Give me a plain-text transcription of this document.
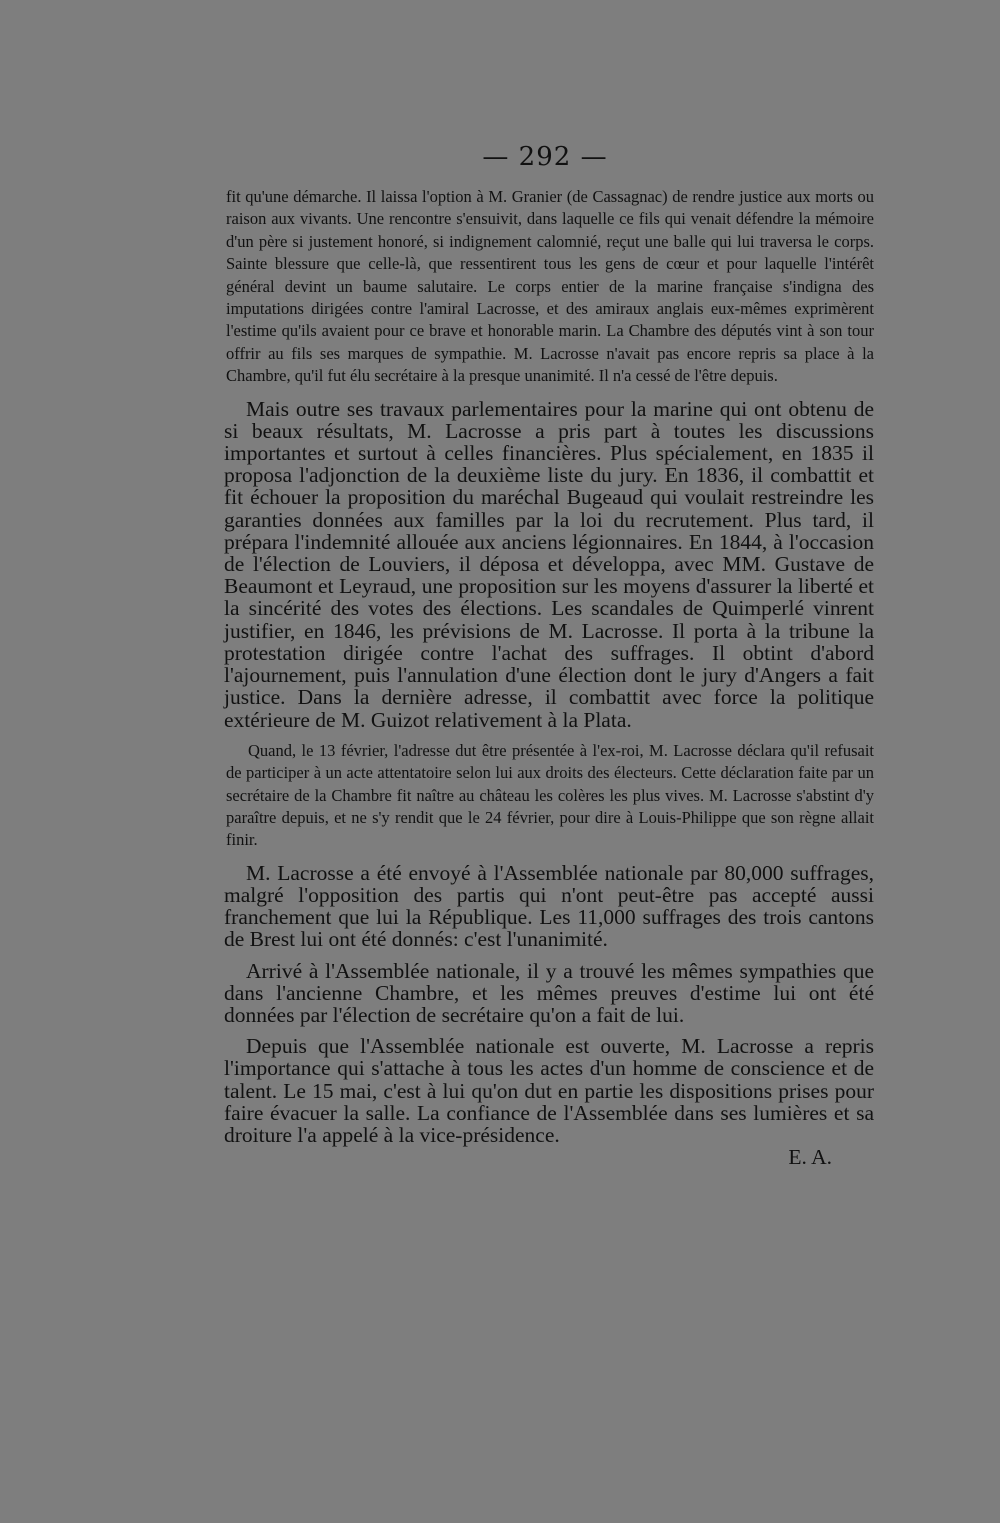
— 292 —

fit qu'une démarche. Il laissa l'option à M. Granier (de Cassagnac) de rendre justice aux morts ou raison aux vivants. Une rencontre s'ensuivit, dans laquelle ce fils qui venait défendre la mémoire d'un père si justement honoré, si indignement calomnié, reçut une balle qui lui traversa le corps. Sainte blessure que celle-là, que ressentirent tous les gens de cœur et pour laquelle l'intérêt général devint un baume salutaire. Le corps entier de la marine française s'indigna des imputations dirigées contre l'amiral Lacrosse, et des amiraux anglais eux-mêmes exprimèrent l'estime qu'ils avaient pour ce brave et honorable marin. La Chambre des députés vint à son tour offrir au fils ses marques de sympathie. M. Lacrosse n'avait pas encore repris sa place à la Chambre, qu'il fut élu secrétaire à la presque unanimité. Il n'a cessé de l'être depuis.

Mais outre ses travaux parlementaires pour la marine qui ont obtenu de si beaux résultats, M. Lacrosse a pris part à toutes les discussions importantes et surtout à celles financières. Plus spécialement, en 1835 il proposa l'adjonction de la deuxième liste du jury. En 1836, il combattit et fit échouer la proposition du maréchal Bugeaud qui voulait restreindre les garanties données aux familles par la loi du recrutement. Plus tard, il prépara l'indemnité allouée aux anciens légionnaires. En 1844, à l'occasion de l'élection de Louviers, il déposa et développa, avec MM. Gustave de Beaumont et Leyraud, une proposition sur les moyens d'assurer la liberté et la sincérité des votes des élections. Les scandales de Quimperlé vinrent justifier, en 1846, les prévisions de M. Lacrosse. Il porta à la tribune la protestation dirigée contre l'achat des suffrages. Il obtint d'abord l'ajournement, puis l'annulation d'une élection dont le jury d'Angers a fait justice. Dans la dernière adresse, il combattit avec force la politique extérieure de M. Guizot relativement à la Plata.

Quand, le 13 février, l'adresse dut être présentée à l'ex-roi, M. Lacrosse déclara qu'il refusait de participer à un acte attentatoire selon lui aux droits des électeurs. Cette déclaration faite par un secrétaire de la Chambre fit naître au château les colères les plus vives. M. Lacrosse s'abstint d'y paraître depuis, et ne s'y rendit que le 24 février, pour dire à Louis-Philippe que son règne allait finir.

M. Lacrosse a été envoyé à l'Assemblée nationale par 80,000 suffrages, malgré l'opposition des partis qui n'ont peut-être pas accepté aussi franchement que lui la République. Les 11,000 suffrages des trois cantons de Brest lui ont été donnés: c'est l'unanimité.

Arrivé à l'Assemblée nationale, il y a trouvé les mêmes sympathies que dans l'ancienne Chambre, et les mêmes preuves d'estime lui ont été données par l'élection de secrétaire qu'on a fait de lui.

Depuis que l'Assemblée nationale est ouverte, M. Lacrosse a repris l'importance qui s'attache à tous les actes d'un homme de conscience et de talent. Le 15 mai, c'est à lui qu'on dut en partie les dispositions prises pour faire évacuer la salle. La confiance de l'Assemblée dans ses lumières et sa droiture l'a appelé à la vice-présidence.

E. A.
